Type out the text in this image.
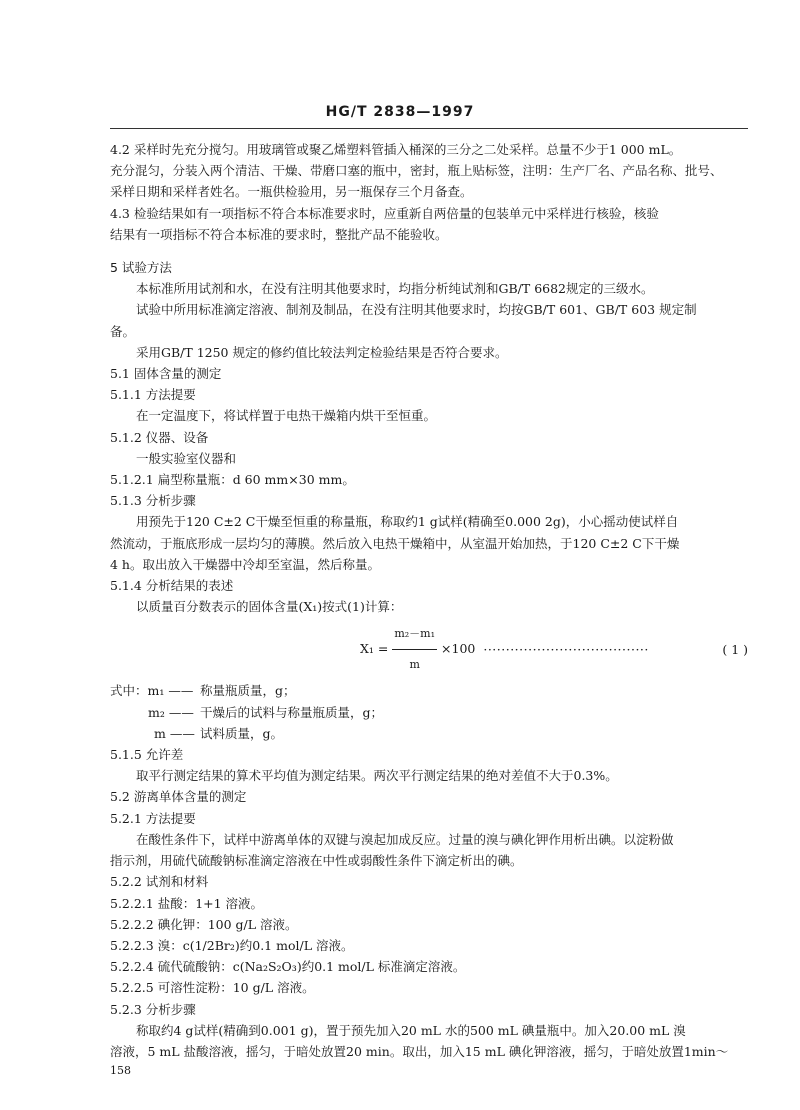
HG/T 2838—1997
4.2 采样时先充分搅匀。用玻璃管或聚乙烯塑料管插入桶深的三分之二处采样。总量不少于1 000 mL。
充分混匀，分装入两个清洁、干燥、带磨口塞的瓶中，密封，瓶上贴标签，注明：生产厂名、产品名称、批号、
采样日期和采样者姓名。一瓶供检验用，另一瓶保存三个月备查。
4.3 检验结果如有一项指标不符合本标准要求时，应重新自两倍量的包装单元中采样进行核验，核验
结果有一项指标不符合本标准的要求时，整批产品不能验收。
5 试验方法
本标准所用试剂和水，在没有注明其他要求时，均指分析纯试剂和GB/T 6682规定的三级水。
试验中所用标准滴定溶液、制剂及制品，在没有注明其他要求时，均按GB/T 601、GB/T 603 规定制
备。
采用GB/T 1250 规定的修约值比较法判定检验结果是否符合要求。
5.1 固体含量的测定
5.1.1 方法提要
在一定温度下，将试样置于电热干燥箱内烘干至恒重。
5.1.2 仪器、设备
一般实验室仪器和
5.1.2.1 扁型称量瓶：d 60 mm×30 mm。
5.1.3 分析步骤
用预先于120 C±2 C干燥至恒重的称量瓶，称取约1 g试样(精确至0.000 2g)，小心摇动使试样自
然流动，于瓶底形成一层均匀的薄膜。然后放入电热干燥箱中，从室温开始加热，于120 C±2 C下干燥
4 h。取出放入干燥器中冷却至室温，然后称量。
5.1.4 分析结果的表述
以质量百分数表示的固体含量(X₁)按式(1)计算：
$X_1 = \frac{\text{m₂－m₁}}{m} \times 100$ ·····································	( 1 )
式中：m₁ —— 称量瓶质量，g；
m₂ —— 干燥后的试料与称量瓶质量，g；
m —— 试料质量，g。
5.1.5 允许差
取平行测定结果的算术平均值为测定结果。两次平行测定结果的绝对差值不大于0.3%。
5.2 游离单体含量的测定
5.2.1 方法提要
在酸性条件下，试样中游离单体的双键与溴起加成反应。过量的溴与碘化钾作用析出碘。以淀粉做
指示剂，用硫代硫酸钠标准滴定溶液在中性或弱酸性条件下滴定析出的碘。
5.2.2 试剂和材料
5.2.2.1 盐酸：1+1 溶液。
5.2.2.2 碘化钾：100 g/L 溶液。
5.2.2.3 溴：c(1/2Br₂)约0.1 mol/L 溶液。
5.2.2.4 硫代硫酸钠：c(Na₂S₂O₃)约0.1 mol/L 标准滴定溶液。
5.2.2.5 可溶性淀粉：10 g/L 溶液。
5.2.3 分析步骤
称取约4 g试样(精确到0.001 g)，置于预先加入20 mL 水的500 mL 碘量瓶中。加入20.00 mL 溴
溶液，5 mL 盐酸溶液，摇匀，于暗处放置20 min。取出，加入15 mL 碘化钾溶液，摇匀，于暗处放置1min～
158
